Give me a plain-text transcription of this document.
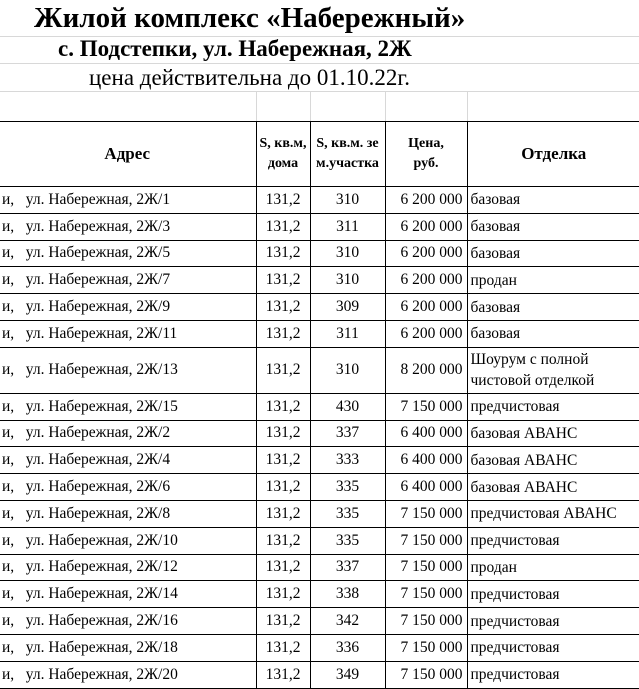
Жилой комплекс «Набережный»
с. Подстепки, ул. Набережная, 2Ж
цена действительна до 01.10.22г.
Адрес	S, кв.м, дома	S, кв.м. зем.участка	Цена, руб.	Отделка
и,   ул. Набережная, 2Ж/1	131,2	310	6 200 000	базовая
и,   ул. Набережная, 2Ж/3	131,2	311	6 200 000	базовая
и,   ул. Набережная, 2Ж/5	131,2	310	6 200 000	базовая
и,   ул. Набережная, 2Ж/7	131,2	310	6 200 000	продан
и,   ул. Набережная, 2Ж/9	131,2	309	6 200 000	базовая
и,   ул. Набережная, 2Ж/11	131,2	311	6 200 000	базовая
и,   ул. Набережная, 2Ж/13	131,2	310	8 200 000	Шоурум с полной чистовой отделкой
и,   ул. Набережная, 2Ж/15	131,2	430	7 150 000	предчистовая
и,   ул. Набережная, 2Ж/2	131,2	337	6 400 000	базовая АВАНС
и,   ул. Набережная, 2Ж/4	131,2	333	6 400 000	базовая АВАНС
и,   ул. Набережная, 2Ж/6	131,2	335	6 400 000	базовая АВАНС
и,   ул. Набережная, 2Ж/8	131,2	335	7 150 000	предчистовая АВАНС
и,   ул. Набережная, 2Ж/10	131,2	335	7 150 000	предчистовая
и,   ул. Набережная, 2Ж/12	131,2	337	7 150 000	продан
и,   ул. Набережная, 2Ж/14	131,2	338	7 150 000	предчистовая
и,   ул. Набережная, 2Ж/16	131,2	342	7 150 000	предчистовая
и,   ул. Набережная, 2Ж/18	131,2	336	7 150 000	предчистовая
и,   ул. Набережная, 2Ж/20	131,2	349	7 150 000	предчистовая
